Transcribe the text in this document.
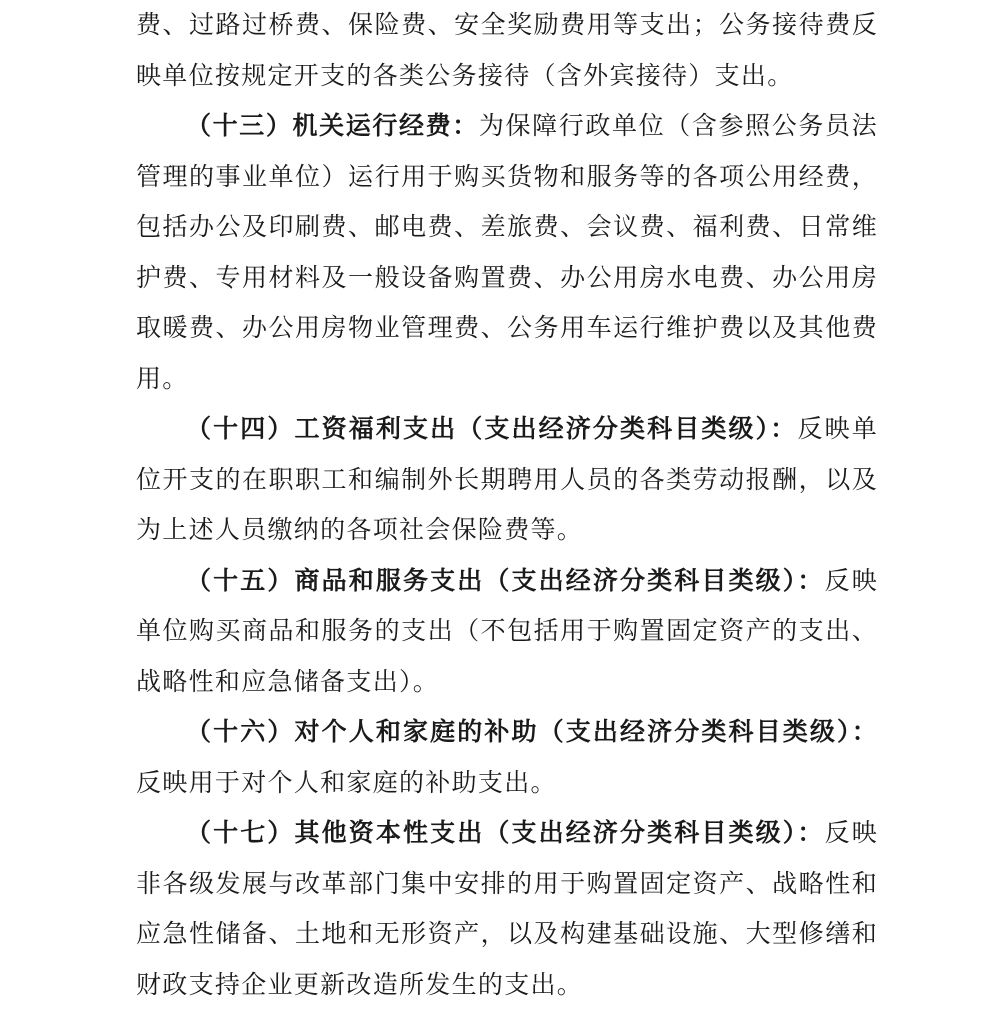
费、过路过桥费、保险费、安全奖励费用等支出；公务接待费反映单位按规定开支的各类公务接待（含外宾接待）支出。

（十三）机关运行经费：为保障行政单位（含参照公务员法管理的事业单位）运行用于购买货物和服务等的各项公用经费，包括办公及印刷费、邮电费、差旅费、会议费、福利费、日常维护费、专用材料及一般设备购置费、办公用房水电费、办公用房取暖费、办公用房物业管理费、公务用车运行维护费以及其他费用。

（十四）工资福利支出（支出经济分类科目类级）：反映单位开支的在职职工和编制外长期聘用人员的各类劳动报酬，以及为上述人员缴纳的各项社会保险费等。

（十五）商品和服务支出（支出经济分类科目类级）：反映单位购买商品和服务的支出（不包括用于购置固定资产的支出、战略性和应急储备支出）。

（十六）对个人和家庭的补助（支出经济分类科目类级）：反映用于对个人和家庭的补助支出。

（十七）其他资本性支出（支出经济分类科目类级）：反映非各级发展与改革部门集中安排的用于购置固定资产、战略性和应急性储备、土地和无形资产，以及构建基础设施、大型修缮和财政支持企业更新改造所发生的支出。
